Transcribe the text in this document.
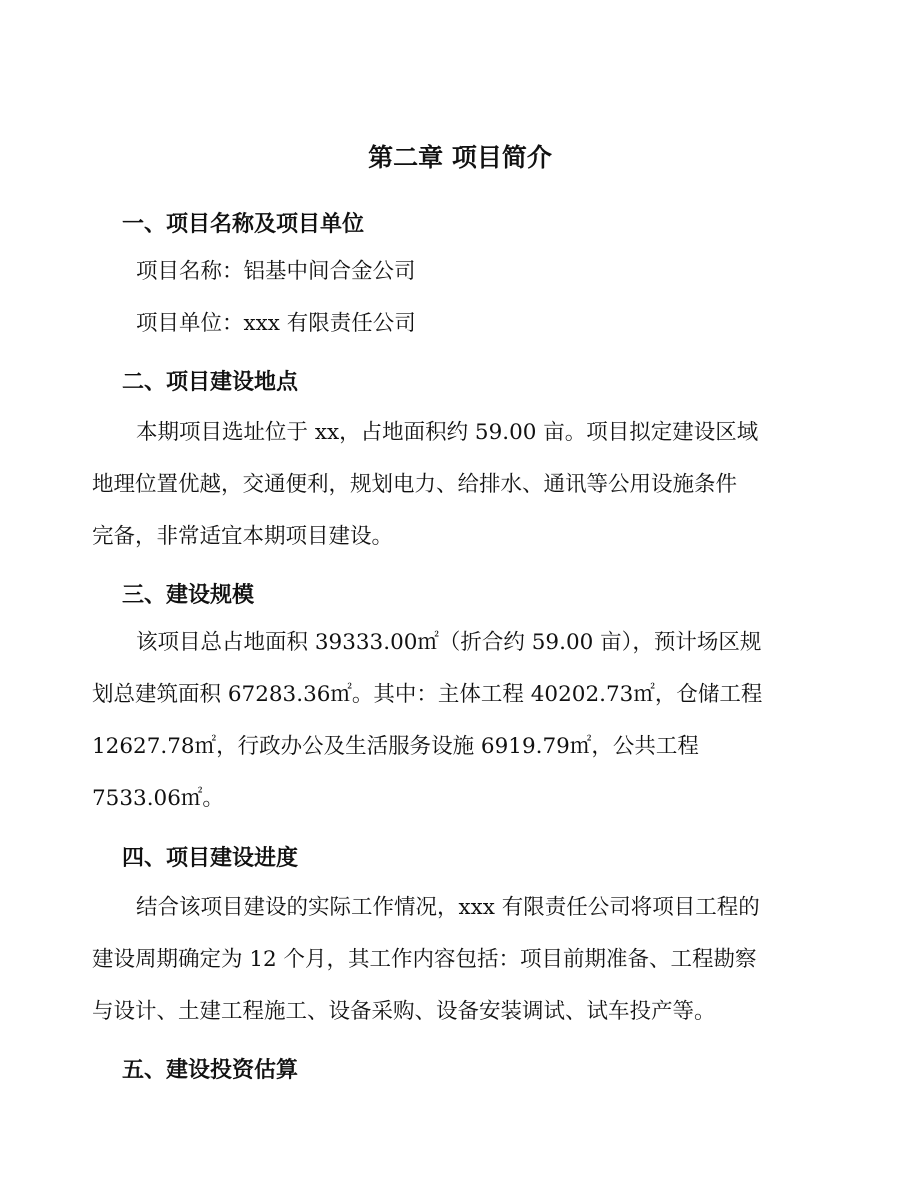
第二章 项目简介
一、项目名称及项目单位
项目名称：铝基中间合金公司
项目单位：xxx 有限责任公司
二、项目建设地点
本期项目选址位于 xx，占地面积约 59.00 亩。项目拟定建设区域
地理位置优越，交通便利，规划电力、给排水、通讯等公用设施条件
完备，非常适宜本期项目建设。
三、建设规模
该项目总占地面积 39333.00㎡（折合约 59.00 亩），预计场区规
划总建筑面积 67283.36㎡。其中：主体工程 40202.73㎡，仓储工程
12627.78㎡，行政办公及生活服务设施 6919.79㎡，公共工程
7533.06㎡。
四、项目建设进度
结合该项目建设的实际工作情况，xxx 有限责任公司将项目工程的
建设周期确定为 12 个月，其工作内容包括：项目前期准备、工程勘察
与设计、土建工程施工、设备采购、设备安装调试、试车投产等。
五、建设投资估算
